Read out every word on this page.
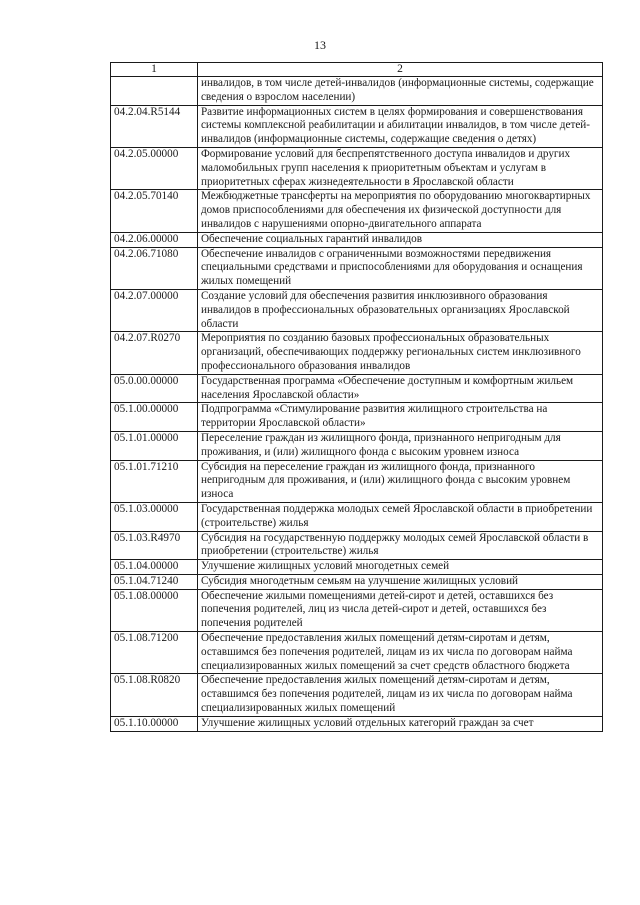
13
1	2
	инвалидов, в том числе детей-инвалидов (информационные системы, содержащие сведения о взрослом населении)
04.2.04.R5144	Развитие информационных систем в целях формирования и совершенствования системы комплексной реабилитации и абилитации инвалидов, в том числе детей-инвалидов (информационные системы, содержащие сведения о детях)
04.2.05.00000	Формирование условий для беспрепятственного доступа инвалидов и других маломобильных групп населения к приоритетным объектам и услугам в приоритетных сферах жизнедеятельности в Ярославской области
04.2.05.70140	Межбюджетные трансферты на мероприятия по оборудованию многоквартирных домов приспособлениями для обеспечения их физической доступности для инвалидов с нарушениями опорно-двигательного аппарата
04.2.06.00000	Обеспечение социальных гарантий инвалидов
04.2.06.71080	Обеспечение инвалидов с ограниченными возможностями передвижения специальными средствами и приспособлениями для оборудования и оснащения жилых помещений
04.2.07.00000	Создание условий для обеспечения развития инклюзивного образования инвалидов в профессиональных образовательных организациях Ярославской области
04.2.07.R0270	Мероприятия по созданию базовых профессиональных образовательных организаций, обеспечивающих поддержку региональных систем инклюзивного профессионального образования инвалидов
05.0.00.00000	Государственная программа «Обеспечение доступным и комфортным жильем населения Ярославской области»
05.1.00.00000	Подпрограмма «Стимулирование развития жилищного строительства на территории Ярославской области»
05.1.01.00000	Переселение граждан из жилищного фонда, признанного непригодным для проживания, и (или) жилищного фонда с высоким уровнем износа
05.1.01.71210	Субсидия на переселение граждан из жилищного фонда, признанного непригодным для проживания, и (или) жилищного фонда с высоким уровнем износа
05.1.03.00000	Государственная поддержка молодых семей Ярославской области в приобретении (строительстве) жилья
05.1.03.R4970	Субсидия на государственную поддержку молодых семей Ярославской области в приобретении (строительстве) жилья
05.1.04.00000	Улучшение жилищных условий многодетных семей
05.1.04.71240	Субсидия многодетным семьям на улучшение жилищных условий
05.1.08.00000	Обеспечение жилыми помещениями детей-сирот и детей, оставшихся без попечения родителей, лиц из числа детей-сирот и детей, оставшихся без попечения родителей
05.1.08.71200	Обеспечение предоставления жилых помещений детям-сиротам и детям, оставшимся без попечения родителей, лицам из их числа по договорам найма специализированных жилых помещений за счет средств областного бюджета
05.1.08.R0820	Обеспечение предоставления жилых помещений детям-сиротам и детям, оставшимся без попечения родителей, лицам из их числа по договорам найма специализированных жилых помещений
05.1.10.00000	Улучшение жилищных условий отдельных категорий граждан за счет
